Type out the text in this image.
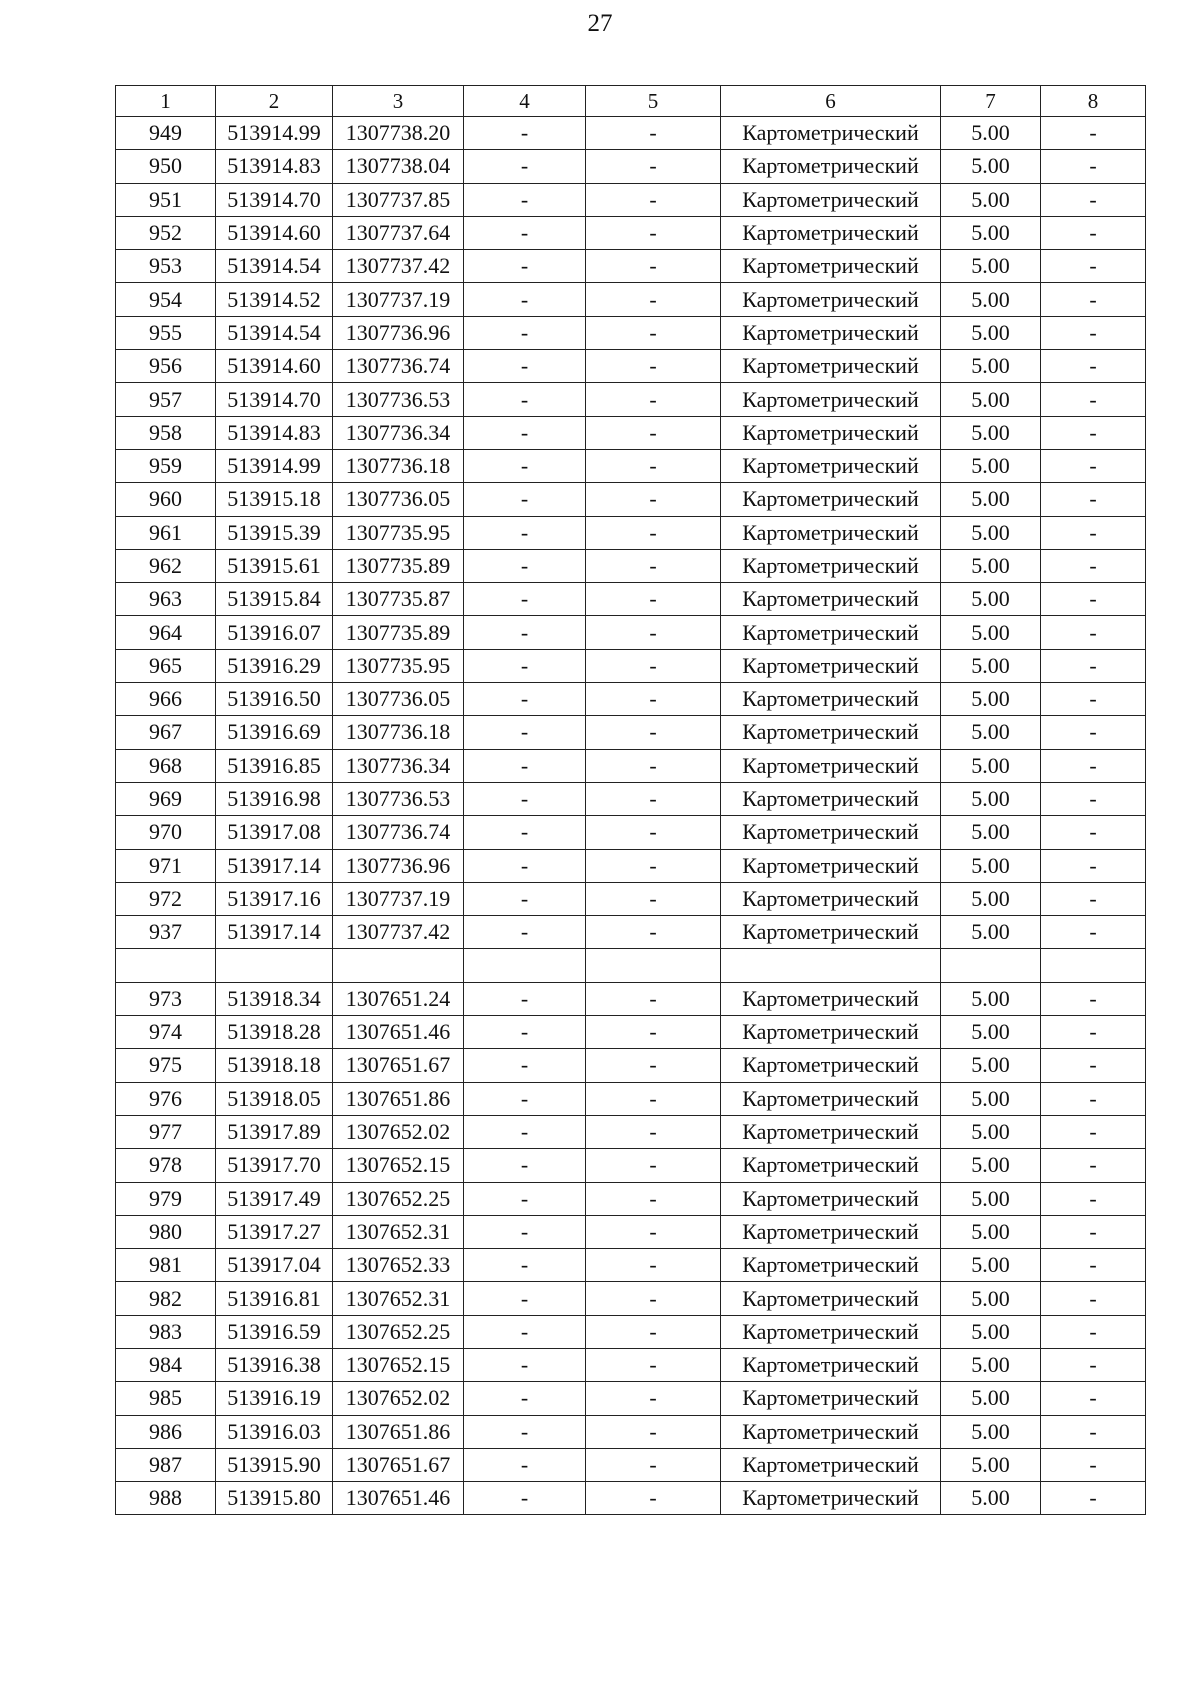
27
1	2	3	4	5	6	7	8
949	513914.99	1307738.20	-	-	Картометрический	5.00	-
950	513914.83	1307738.04	-	-	Картометрический	5.00	-
951	513914.70	1307737.85	-	-	Картометрический	5.00	-
952	513914.60	1307737.64	-	-	Картометрический	5.00	-
953	513914.54	1307737.42	-	-	Картометрический	5.00	-
954	513914.52	1307737.19	-	-	Картометрический	5.00	-
955	513914.54	1307736.96	-	-	Картометрический	5.00	-
956	513914.60	1307736.74	-	-	Картометрический	5.00	-
957	513914.70	1307736.53	-	-	Картометрический	5.00	-
958	513914.83	1307736.34	-	-	Картометрический	5.00	-
959	513914.99	1307736.18	-	-	Картометрический	5.00	-
960	513915.18	1307736.05	-	-	Картометрический	5.00	-
961	513915.39	1307735.95	-	-	Картометрический	5.00	-
962	513915.61	1307735.89	-	-	Картометрический	5.00	-
963	513915.84	1307735.87	-	-	Картометрический	5.00	-
964	513916.07	1307735.89	-	-	Картометрический	5.00	-
965	513916.29	1307735.95	-	-	Картометрический	5.00	-
966	513916.50	1307736.05	-	-	Картометрический	5.00	-
967	513916.69	1307736.18	-	-	Картометрический	5.00	-
968	513916.85	1307736.34	-	-	Картометрический	5.00	-
969	513916.98	1307736.53	-	-	Картометрический	5.00	-
970	513917.08	1307736.74	-	-	Картометрический	5.00	-
971	513917.14	1307736.96	-	-	Картометрический	5.00	-
972	513917.16	1307737.19	-	-	Картометрический	5.00	-
937	513917.14	1307737.42	-	-	Картометрический	5.00	-

973	513918.34	1307651.24	-	-	Картометрический	5.00	-
974	513918.28	1307651.46	-	-	Картометрический	5.00	-
975	513918.18	1307651.67	-	-	Картометрический	5.00	-
976	513918.05	1307651.86	-	-	Картометрический	5.00	-
977	513917.89	1307652.02	-	-	Картометрический	5.00	-
978	513917.70	1307652.15	-	-	Картометрический	5.00	-
979	513917.49	1307652.25	-	-	Картометрический	5.00	-
980	513917.27	1307652.31	-	-	Картометрический	5.00	-
981	513917.04	1307652.33	-	-	Картометрический	5.00	-
982	513916.81	1307652.31	-	-	Картометрический	5.00	-
983	513916.59	1307652.25	-	-	Картометрический	5.00	-
984	513916.38	1307652.15	-	-	Картометрический	5.00	-
985	513916.19	1307652.02	-	-	Картометрический	5.00	-
986	513916.03	1307651.86	-	-	Картометрический	5.00	-
987	513915.90	1307651.67	-	-	Картометрический	5.00	-
988	513915.80	1307651.46	-	-	Картометрический	5.00	-
